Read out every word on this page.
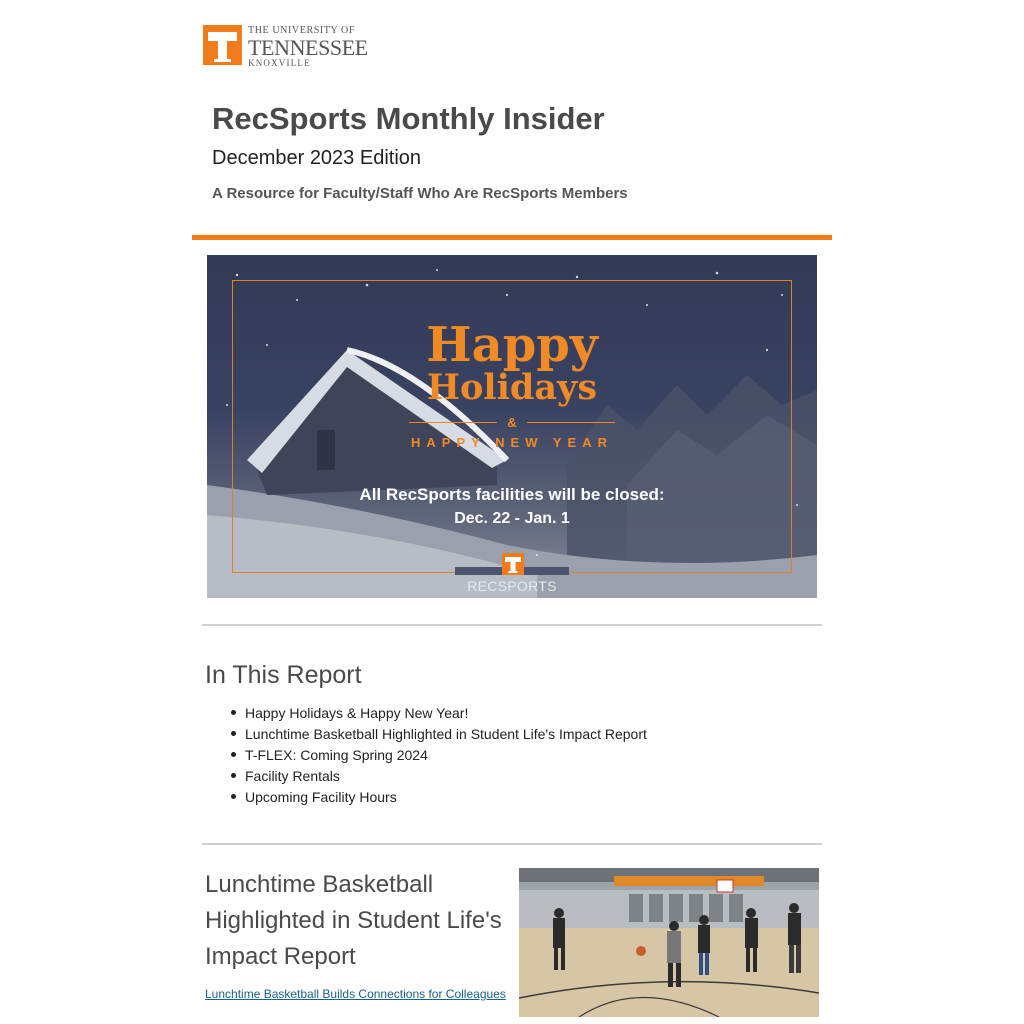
THE UNIVERSITY OF
TENNESSEE
KNOXVILLE
RecSports Monthly Insider
December 2023 Edition
A Resource for Faculty/Staff Who Are RecSports Members
Happy
Holidays
&
HAPPY NEW YEAR
All RecSports facilities will be closed:
Dec. 22 - Jan. 1
RECSPORTS
In This Report
Happy Holidays & Happy New Year!
Lunchtime Basketball Highlighted in Student Life's Impact Report
T-FLEX: Coming Spring 2024
Facility Rentals
Upcoming Facility Hours
Lunchtime Basketball Highlighted in Student Life's Impact Report
Lunchtime Basketball Builds Connections for Colleagues
